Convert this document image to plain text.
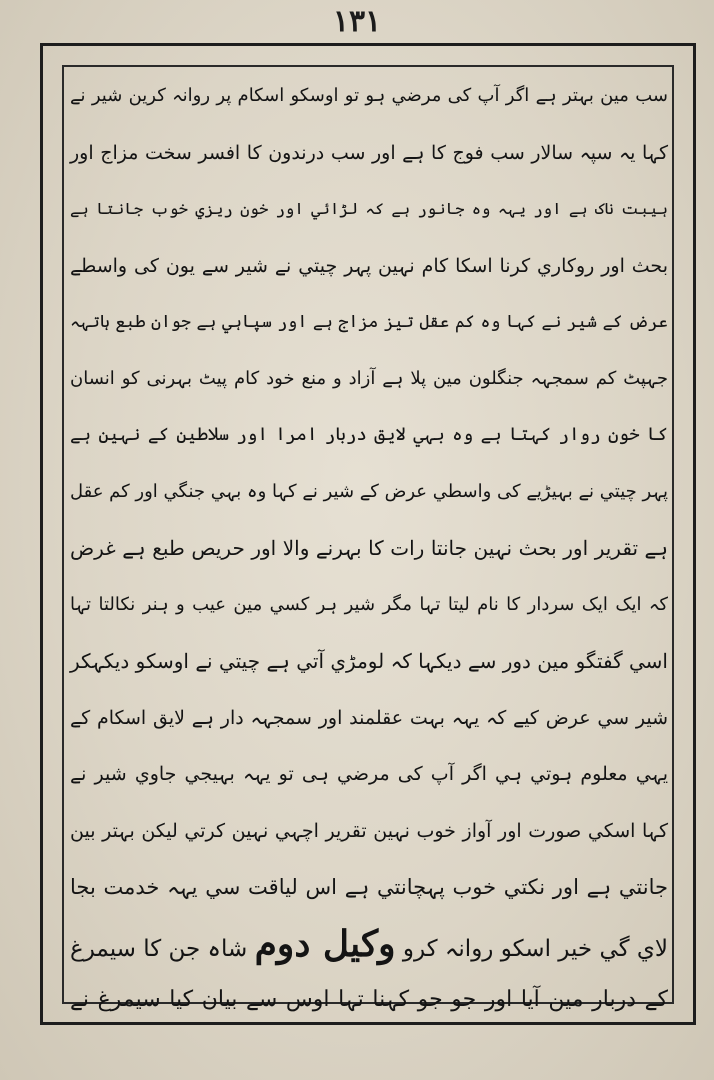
١٣١
سب مین بہتر ہے اگر آپ کی مرضي ہو تو اوسکو اسکام پر روانہ کرین شیر نے
کہا یہ سپہ سالار سب فوج کا ہے اور سب درندون کا افسر سخت مزاج اور
ہیبت ناک ہے اور یہہ وہ جانور ہے کہ لڑائي اور خون ریزي خوب جانتا ہے
بحث اور روکاري کرنا اسکا کام نہین پہر چیتي نے شیر سے یون کی واسطے
عرض کے شیر نے کہا وہ کم عقل تیز مزاج ہے اور سپاہي ہے جوان طبع ہاتہہ
جہپٹ کم سمجہہ جنگلون مین پلا ہے آزاد و منع خود کام پیٹ بہرنی کو انسان
کا خون روار کہتا ہے وہ بہي لایق دربار امرا اور سلاطین کے نہین ہے
پہر چیتي نے بہیڑیے کی واسطي عرض کے شیر نے کہا وہ بہي جنگي اور کم عقل
ہے تقریر اور بحث نہین جانتا رات کا بہرنے والا اور حریص طبع ہے غرض
کہ ایک ایک سردار کا نام لیتا تہا مگر شیر ہر کسي مین عیب و ہنر نکالتا تہا
اسي گفتگو مین دور سے دیکہا کہ لومڑي آتي ہے چیتي نے اوسکو دیکہکر
شیر سي عرض کیے کہ یہہ بہت عقلمند اور سمجہہ دار ہے لایق اسکام کے
یہي معلوم ہوتي ہي اگر آپ کی مرضي ہی تو یہہ بہیجي جاوي شیر نے
کہا اسکي صورت اور آواز خوب نہین تقریر اچہي نہین کرتي لیکن بہتر بین
جانتي ہے اور نکتي خوب پہچانتي ہے اس لیاقت سي یہہ خدمت بجا
لاي گي خیر اسکو روانہ کرو وکیل دوم شاہ جن کا سیمرغ
کے دربار مین آیا اور جو جو کہنا تہا اوس سے بیان کیا سیمرغ نے
